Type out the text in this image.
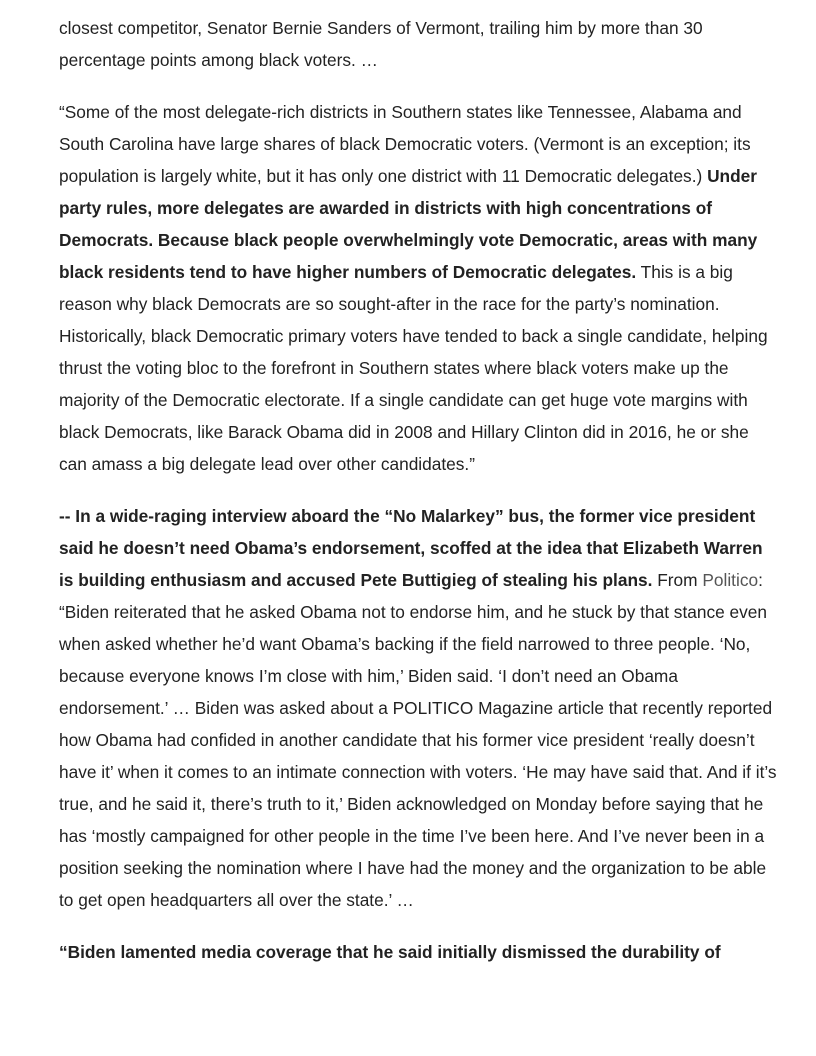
closest competitor, Senator Bernie Sanders of Vermont, trailing him by more than 30 percentage points among black voters. …

“Some of the most delegate-rich districts in Southern states like Tennessee, Alabama and South Carolina have large shares of black Democratic voters. (Vermont is an exception; its population is largely white, but it has only one district with 11 Democratic delegates.) Under party rules, more delegates are awarded in districts with high concentrations of Democrats. Because black people overwhelmingly vote Democratic, areas with many black residents tend to have higher numbers of Democratic delegates. This is a big reason why black Democrats are so sought-after in the race for the party’s nomination. Historically, black Democratic primary voters have tended to back a single candidate, helping thrust the voting bloc to the forefront in Southern states where black voters make up the majority of the Democratic electorate. If a single candidate can get huge vote margins with black Democrats, like Barack Obama did in 2008 and Hillary Clinton did in 2016, he or she can amass a big delegate lead over other candidates.”

-- In a wide-raging interview aboard the “No Malarkey” bus, the former vice president said he doesn’t need Obama’s endorsement, scoffed at the idea that Elizabeth Warren is building enthusiasm and accused Pete Buttigieg of stealing his plans. From Politico: “Biden reiterated that he asked Obama not to endorse him, and he stuck by that stance even when asked whether he’d want Obama’s backing if the field narrowed to three people. ‘No, because everyone knows I’m close with him,’ Biden said. ‘I don’t need an Obama endorsement.’ … Biden was asked about a POLITICO Magazine article that recently reported how Obama had confided in another candidate that his former vice president ‘really doesn’t have it’ when it comes to an intimate connection with voters. ‘He may have said that. And if it’s true, and he said it, there’s truth to it,’ Biden acknowledged on Monday before saying that he has ‘mostly campaigned for other people in the time I’ve been here. And I’ve never been in a position seeking the nomination where I have had the money and the organization to be able to get open headquarters all over the state.’ …

“Biden lamented media coverage that he said initially dismissed the durability of
